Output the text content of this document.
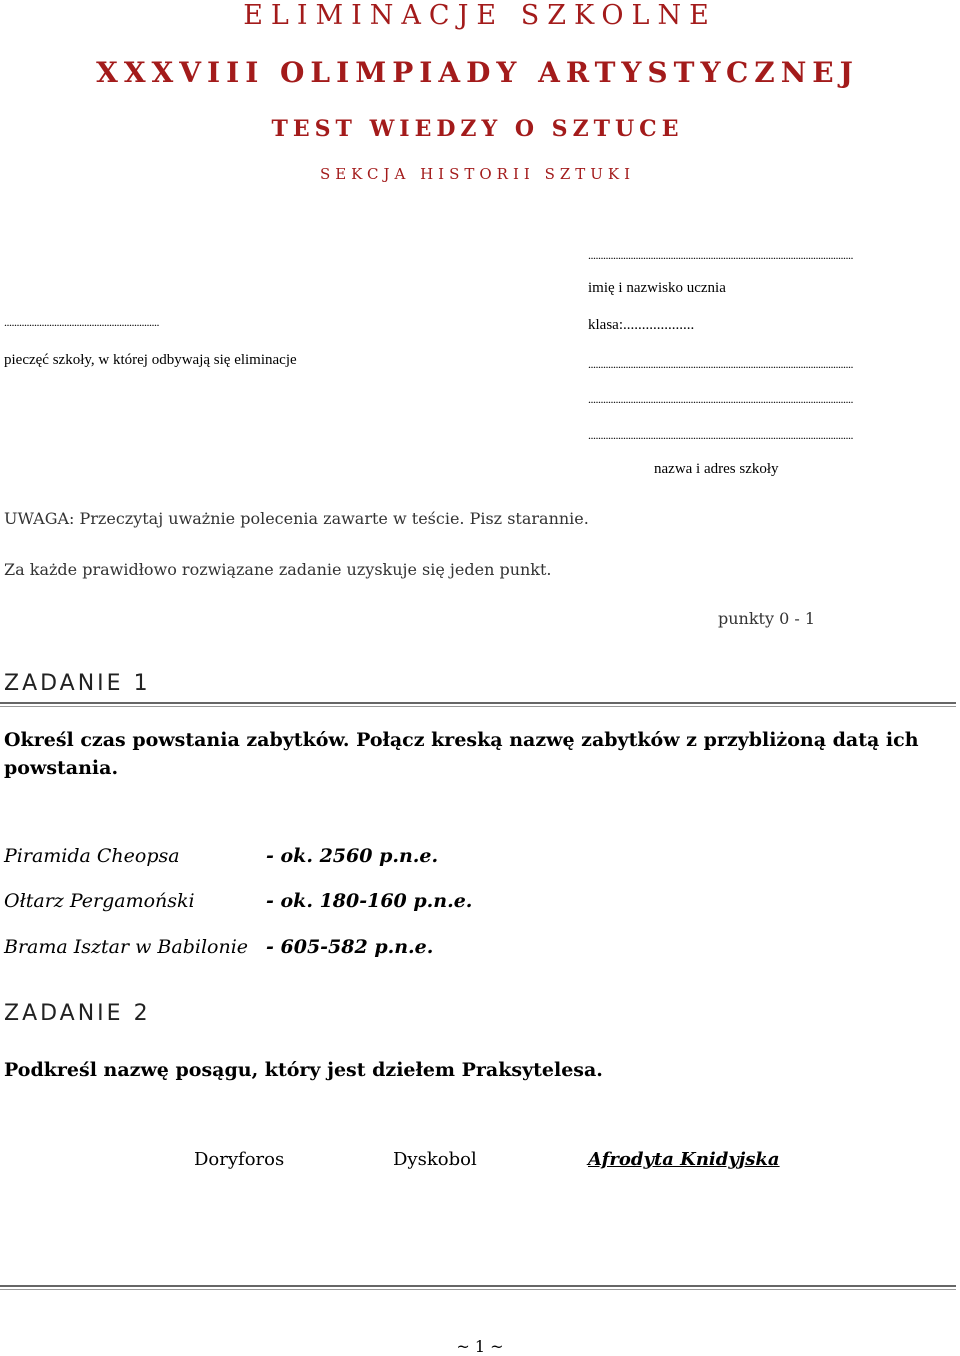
ELIMINACJE SZKOLNE
XXXVIII OLIMPIADY ARTYSTYCZNEJ
TEST WIEDZY O SZTUCE
SEKCJA HISTORII SZTUKI
..........................................................................................................
imię i nazwisko ucznia
..............................................................	klasa:...................
pieczęć szkoły, w której odbywają się eliminacje	..........................................................................................................
..........................................................................................................
..........................................................................................................
nazwa i adres szkoły
UWAGA: Przeczytaj uważnie polecenia zawarte w teście. Pisz starannie.
Za każde prawidłowo rozwiązane zadanie uzyskuje się jeden punkt.
punkty 0 - 1
ZADANIE 1
Określ czas powstania zabytków. Połącz kreską nazwę zabytków z przybliżoną datą ich powstania.
Piramida Cheopsa	- ok. 2560 p.n.e.
Ołtarz Pergamoński	- ok. 180-160 p.n.e.
Brama Isztar w Babilonie - 605-582 p.n.e.
ZADANIE 2
Podkreśl nazwę posągu, który jest dziełem Praksytelesa.
Doryforos	Dyskobol	Afrodyta Knidyjska
~ 1 ~
